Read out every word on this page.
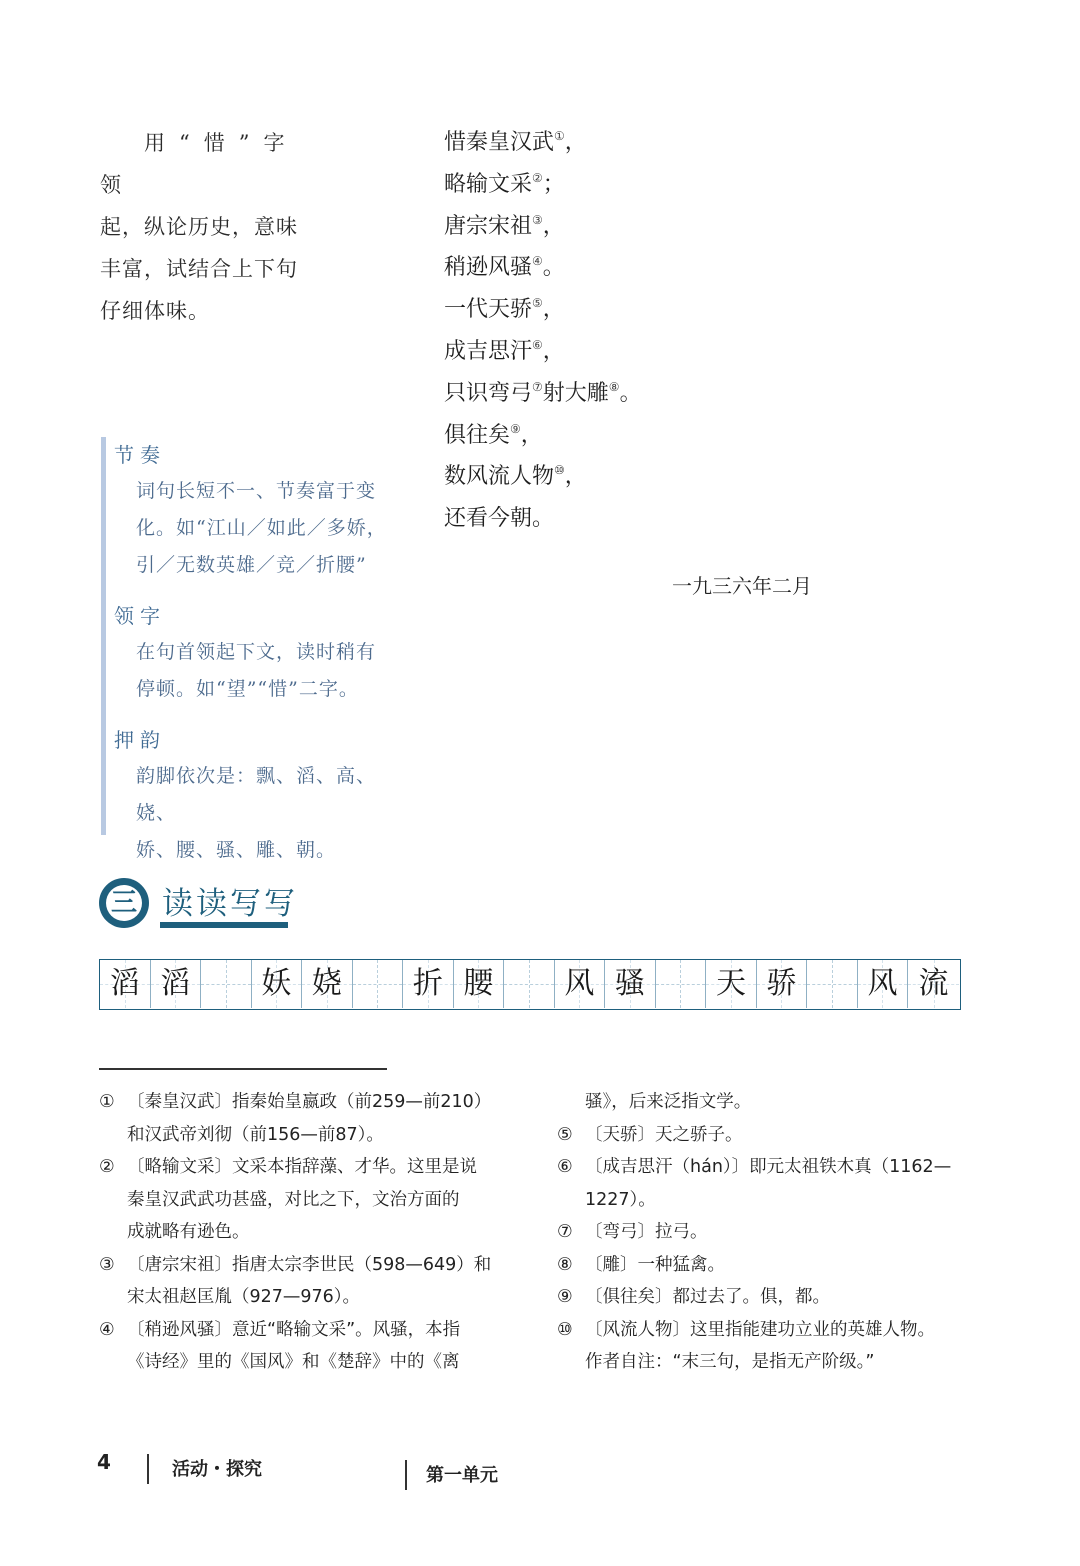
用“惜”字领
起，纵论历史，意味
丰富，试结合上下句
仔细体味。
惜秦皇汉武①，
略输文采②；
唐宗宋祖③，
稍逊风骚④。
一代天骄⑤，
成吉思汗⑥，
只识弯弓⑦射大雕⑧。
俱往矣⑨，
数风流人物⑩，
还看今朝。
一九三六年二月
节奏
词句长短不一、节奏富于变
化。如“江山／如此／多娇，
引／无数英雄／竞／折腰”
领字
在句首领起下文，读时稍有
停顿。如“望”“惜”二字。
押韵
韵脚依次是：飘、滔、高、娆、
娇、腰、骚、雕、朝。
三 读读写写
滔 滔	妖 娆	折 腰	风 骚	天 骄	风 流
① 〔秦皇汉武〕指秦始皇嬴政（前259—前210）
和汉武帝刘彻（前156—前87）。
② 〔略输文采〕文采本指辞藻、才华。这里是说
秦皇汉武武功甚盛，对比之下，文治方面的
成就略有逊色。
③ 〔唐宗宋祖〕指唐太宗李世民（598—649）和
宋太祖赵匡胤（927—976）。
④ 〔稍逊风骚〕意近“略输文采”。风骚，本指
《诗经》里的《国风》和《楚辞》中的《离
骚》，后来泛指文学。
⑤ 〔天骄〕天之骄子。
⑥ 〔成吉思汗（hán）〕即元太祖铁木真（1162—
1227）。
⑦ 〔弯弓〕拉弓。
⑧ 〔雕〕一种猛禽。
⑨ 〔俱往矣〕都过去了。俱，都。
⑩ 〔风流人物〕这里指能建功立业的英雄人物。
作者自注：“末三句，是指无产阶级。”
4	活动・探究	第一单元
